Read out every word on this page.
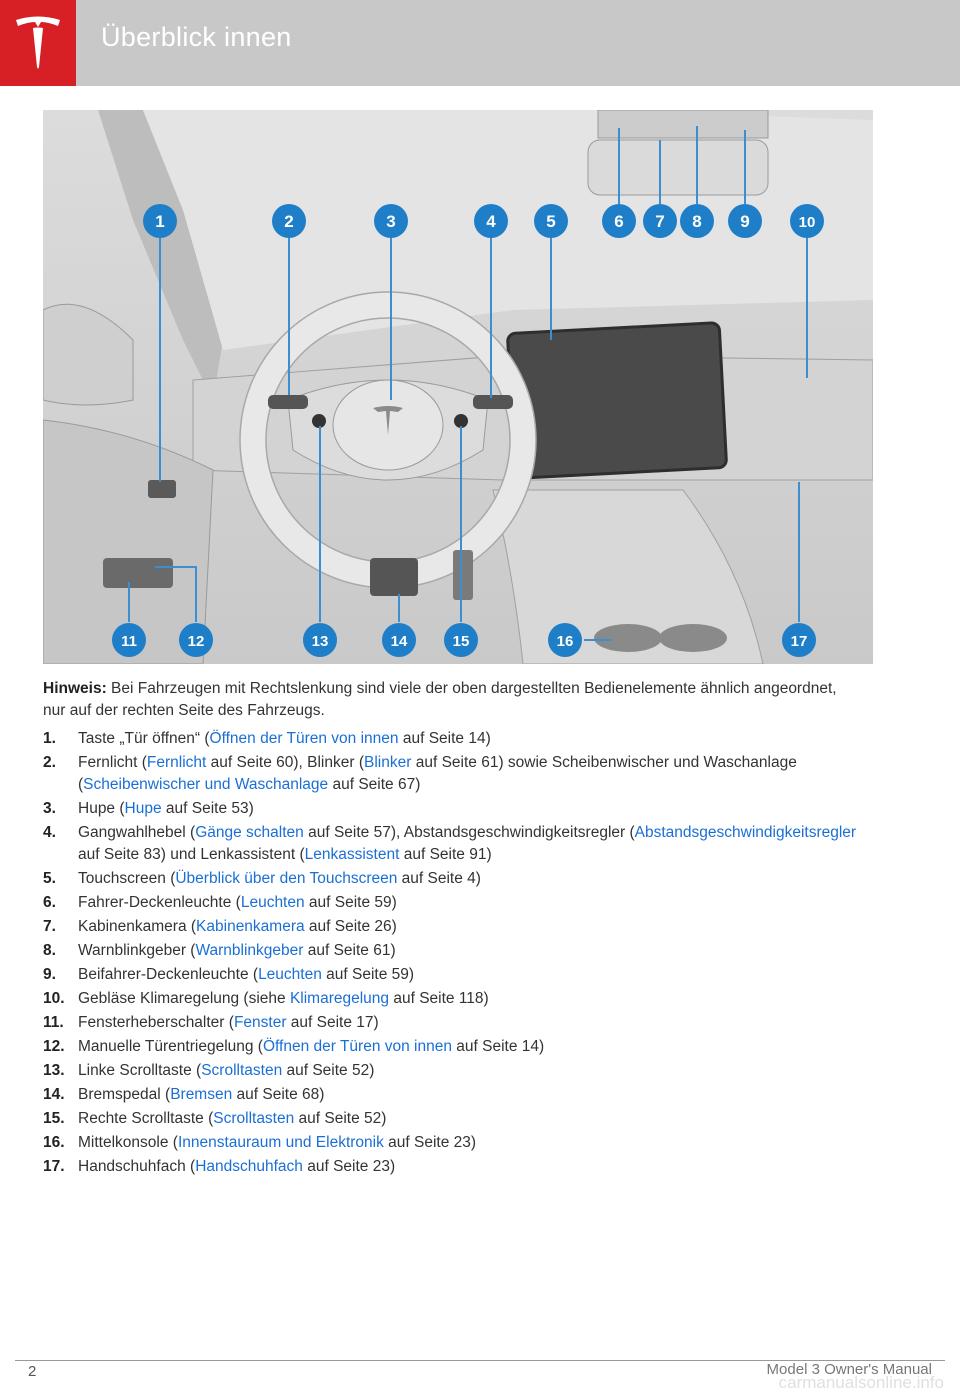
Überblick innen
1	2	3	4	5	6 7 8 9	10
11	12	13	14	15	16	17
Hinweis: Bei Fahrzeugen mit Rechtslenkung sind viele der oben dargestellten Bedienelemente ähnlich angeordnet, nur auf der rechten Seite des Fahrzeugs.
1. Taste „Tür öffnen“ (Öffnen der Türen von innen auf Seite 14)
2. Fernlicht (Fernlicht auf Seite 60), Blinker (Blinker auf Seite 61) sowie Scheibenwischer und Waschanlage (Scheibenwischer und Waschanlage auf Seite 67)
3. Hupe (Hupe auf Seite 53)
4. Gangwahlhebel (Gänge schalten auf Seite 57), Abstandsgeschwindigkeitsregler (Abstandsgeschwindigkeitsregler auf Seite 83) und Lenkassistent (Lenkassistent auf Seite 91)
5. Touchscreen (Überblick über den Touchscreen auf Seite 4)
6. Fahrer-Deckenleuchte (Leuchten auf Seite 59)
7. Kabinenkamera (Kabinenkamera auf Seite 26)
8. Warnblinkgeber (Warnblinkgeber auf Seite 61)
9. Beifahrer-Deckenleuchte (Leuchten auf Seite 59)
10. Gebläse Klimaregelung (siehe Klimaregelung auf Seite 118)
11. Fensterheberschalter (Fenster auf Seite 17)
12. Manuelle Türentriegelung (Öffnen der Türen von innen auf Seite 14)
13. Linke Scrolltaste (Scrolltasten auf Seite 52)
14. Bremspedal (Bremsen auf Seite 68)
15. Rechte Scrolltaste (Scrolltasten auf Seite 52)
16. Mittelkonsole (Innenstauraum und Elektronik auf Seite 23)
17. Handschuhfach (Handschuhfach auf Seite 23)
2	Model 3 Owner's Manual
carmanualsonline.info
